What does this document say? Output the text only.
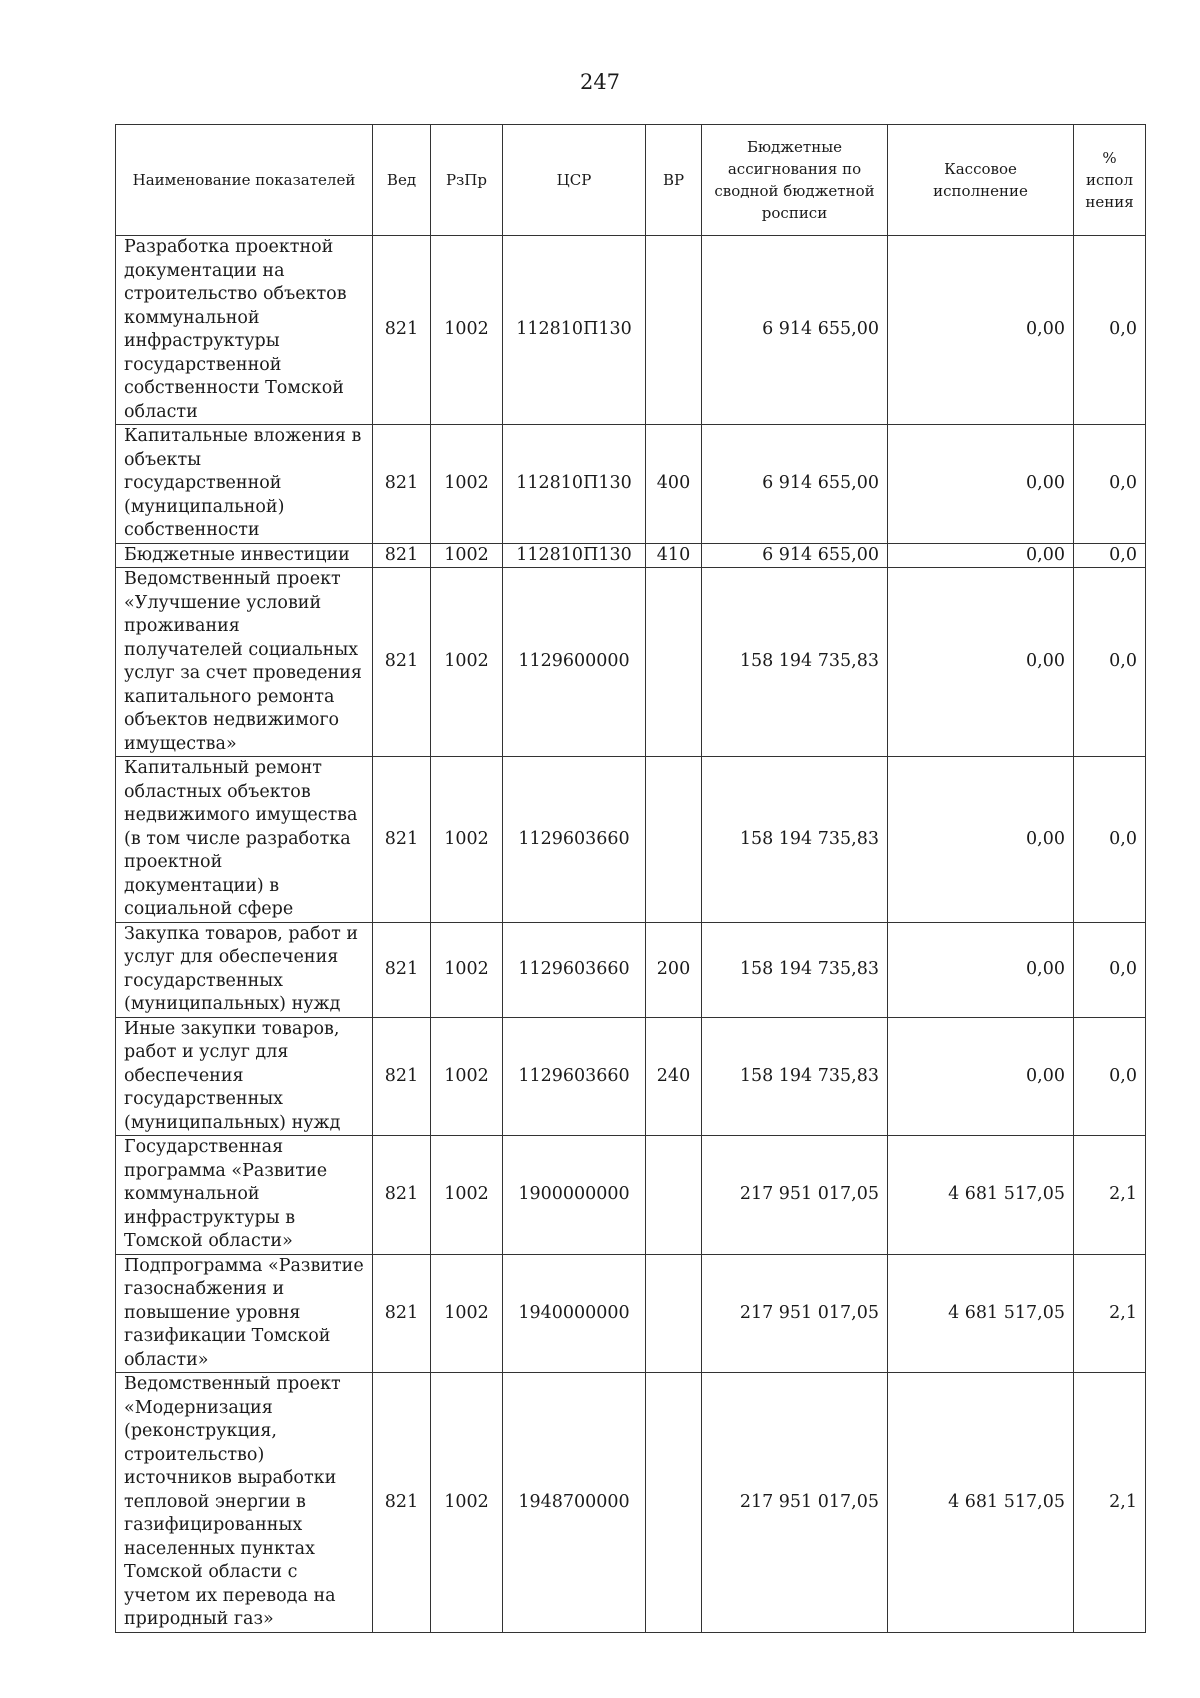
247
Наименование показателей	Вед	РзПр	ЦСР	ВР	Бюджетные ассигнования по сводной бюджетной росписи	Кассовое исполнение	% испол нения
Разработка проектной документации на строительство объектов коммунальной инфраструктуры государственной собственности Томской области	821	1002	112810П130		6 914 655,00	0,00	0,0
Капитальные вложения в объекты государственной (муниципальной) собственности	821	1002	112810П130	400	6 914 655,00	0,00	0,0
Бюджетные инвестиции	821	1002	112810П130	410	6 914 655,00	0,00	0,0
Ведомственный проект «Улучшение условий проживания получателей социальных услуг за счет проведения капитального ремонта объектов недвижимого имущества»	821	1002	1129600000		158 194 735,83	0,00	0,0
Капитальный ремонт областных объектов недвижимого имущества (в том числе разработка проектной документации) в социальной сфере	821	1002	1129603660		158 194 735,83	0,00	0,0
Закупка товаров, работ и услуг для обеспечения государственных (муниципальных) нужд	821	1002	1129603660	200	158 194 735,83	0,00	0,0
Иные закупки товаров, работ и услуг для обеспечения государственных (муниципальных) нужд	821	1002	1129603660	240	158 194 735,83	0,00	0,0
Государственная программа «Развитие коммунальной инфраструктуры в Томской области»	821	1002	1900000000		217 951 017,05	4 681 517,05	2,1
Подпрограмма «Развитие газоснабжения и повышение уровня газификации Томской области»	821	1002	1940000000		217 951 017,05	4 681 517,05	2,1
Ведомственный проект «Модернизация (реконструкция, строительство) источников выработки тепловой энергии в газифицированных населенных пунктах Томской области с учетом их перевода на природный газ»	821	1002	1948700000		217 951 017,05	4 681 517,05	2,1
